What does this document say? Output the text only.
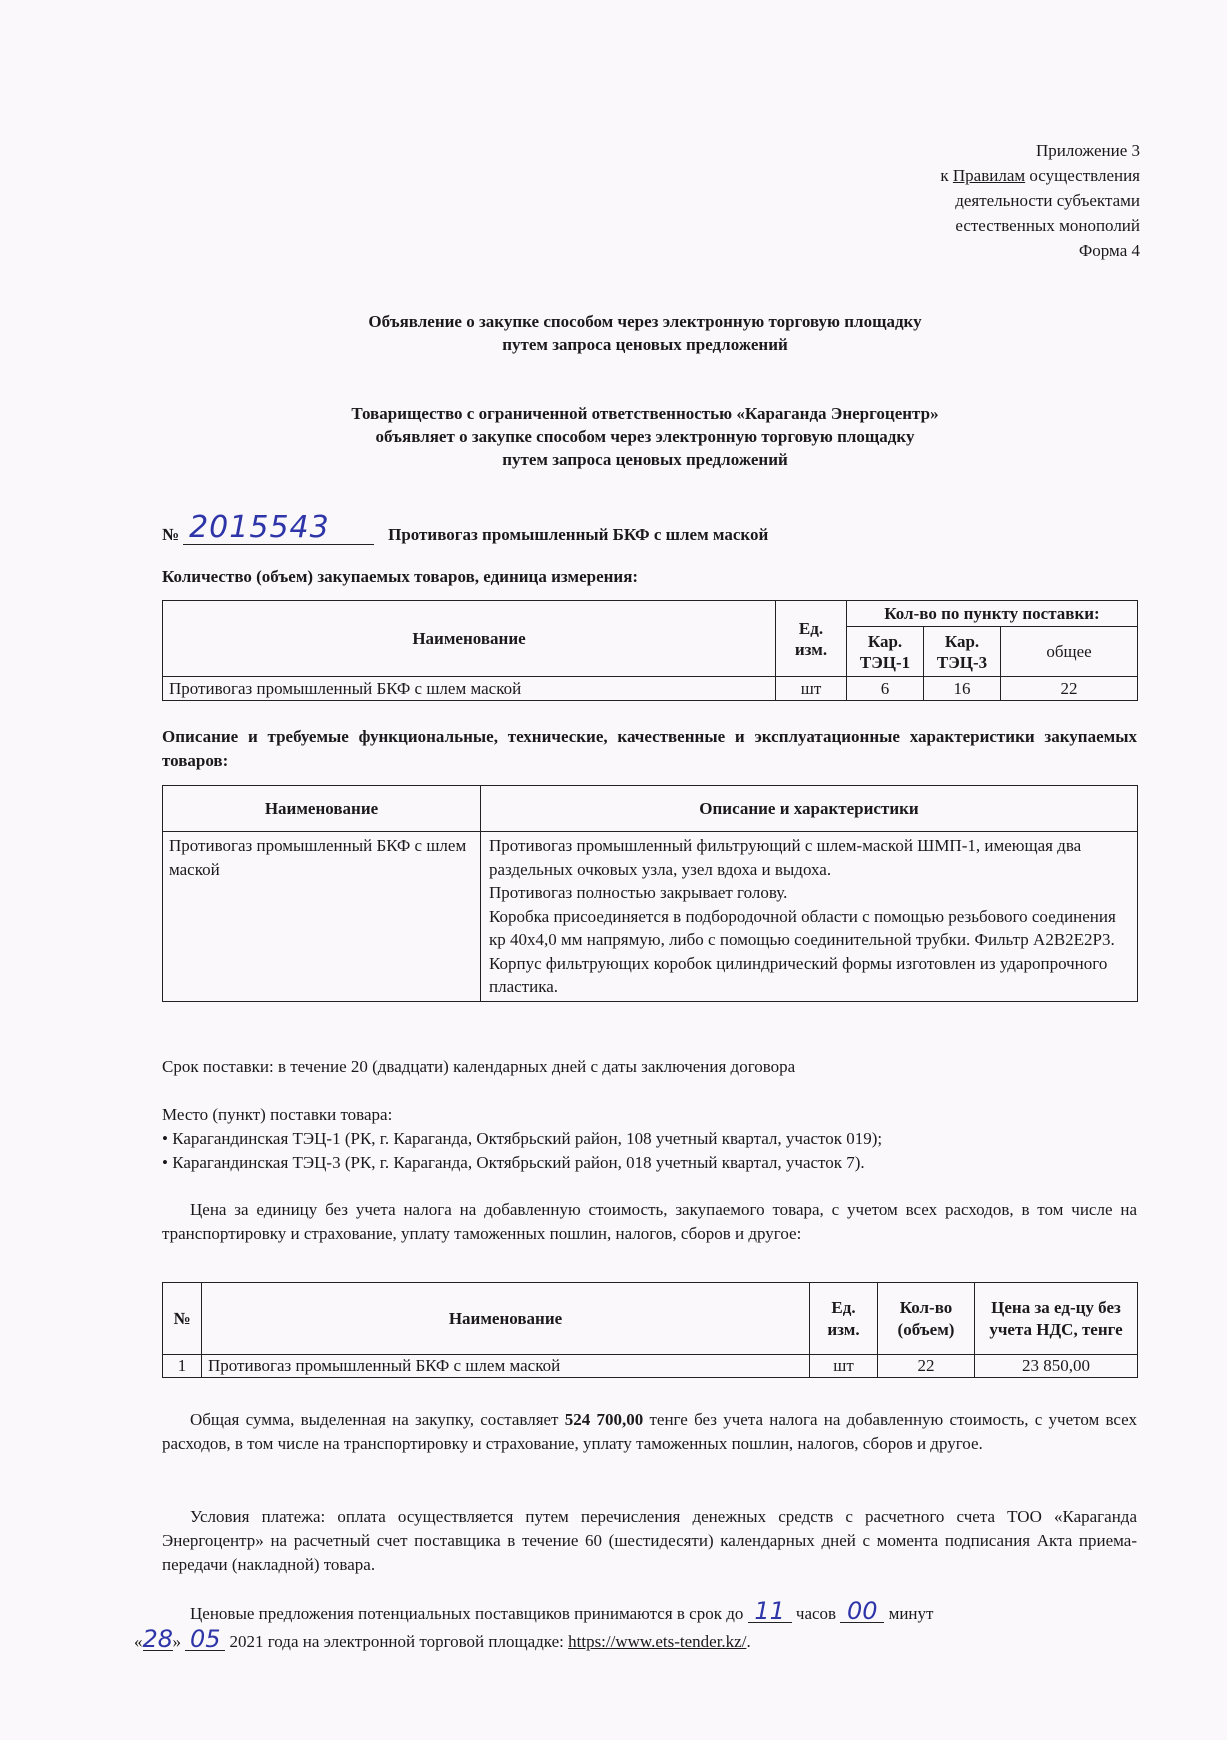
Приложение 3
к Правилам осуществления
деятельности субъектами
естественных монополий
Форма 4
Объявление о закупке способом через электронную торговую площадку
путем запроса ценовых предложений
Товарищество с ограниченной ответственностью «Караганда Энергоцентр»
объявляет о закупке способом через электронную торговую площадку
путем запроса ценовых предложений
№ 2015543	Противогаз промышленный БКФ с шлем маской
Количество (объем) закупаемых товаров, единица измерения:
Наименование	Ед. изм.	Кол-во по пункту поставки:		
		Кар. ТЭЦ-1	Кар. ТЭЦ-3	общее
Противогаз промышленный БКФ с шлем маской	шт	6	16	22
Описание и требуемые функциональные, технические, качественные и эксплуатационные характеристики закупаемых товаров:
Наименование	Описание и характеристики
Противогаз промышленный БКФ с шлем маской	Противогаз промышленный фильтрующий с шлем-маской ШМП-1, имеющая два раздельных очковых узла, узел вдоха и выдоха.
Противогаз полностью закрывает голову.
Коробка присоединяется в подбородочной области с помощью резьбового соединения кр 40х4,0 мм напрямую, либо с помощью соединительной трубки. Фильтр А2В2Е2Р3.
Корпус фильтрующих коробок цилиндрический формы изготовлен из ударопрочного пластика.
Срок поставки: в течение 20 (двадцати) календарных дней с даты заключения договора
Место (пункт) поставки товара:
• Карагандинская ТЭЦ-1 (РК, г. Караганда, Октябрьский район, 108 учетный квартал, участок 019);
• Карагандинская ТЭЦ-3 (РК, г. Караганда, Октябрьский район, 018 учетный квартал, участок 7).
Цена за единицу без учета налога на добавленную стоимость, закупаемого товара, с учетом всех расходов, в том числе на транспортировку и страхование, уплату таможенных пошлин, налогов, сборов и другое:
№	Наименование	Ед. изм.	Кол-во (объем)	Цена за ед-цу без учета НДС, тенге
1	Противогаз промышленный БКФ с шлем маской	шт	22	23 850,00
Общая сумма, выделенная на закупку, составляет 524 700,00 тенге без учета налога на добавленную стоимость, с учетом всех расходов, в том числе на транспортировку и страхование, уплату таможенных пошлин, налогов, сборов и другое.
Условия платежа: оплата осуществляется путем перечисления денежных средств с расчетного счета ТОО «Караганда Энергоцентр» на расчетный счет поставщика в течение 60 (шестидесяти) календарных дней с момента подписания Акта приема-передачи (накладной) товара.
Ценовые предложения потенциальных поставщиков принимаются в срок до 11 часов 00 минут
«28» 05 2021 года на электронной торговой площадке: https://www.ets-tender.kz/.
